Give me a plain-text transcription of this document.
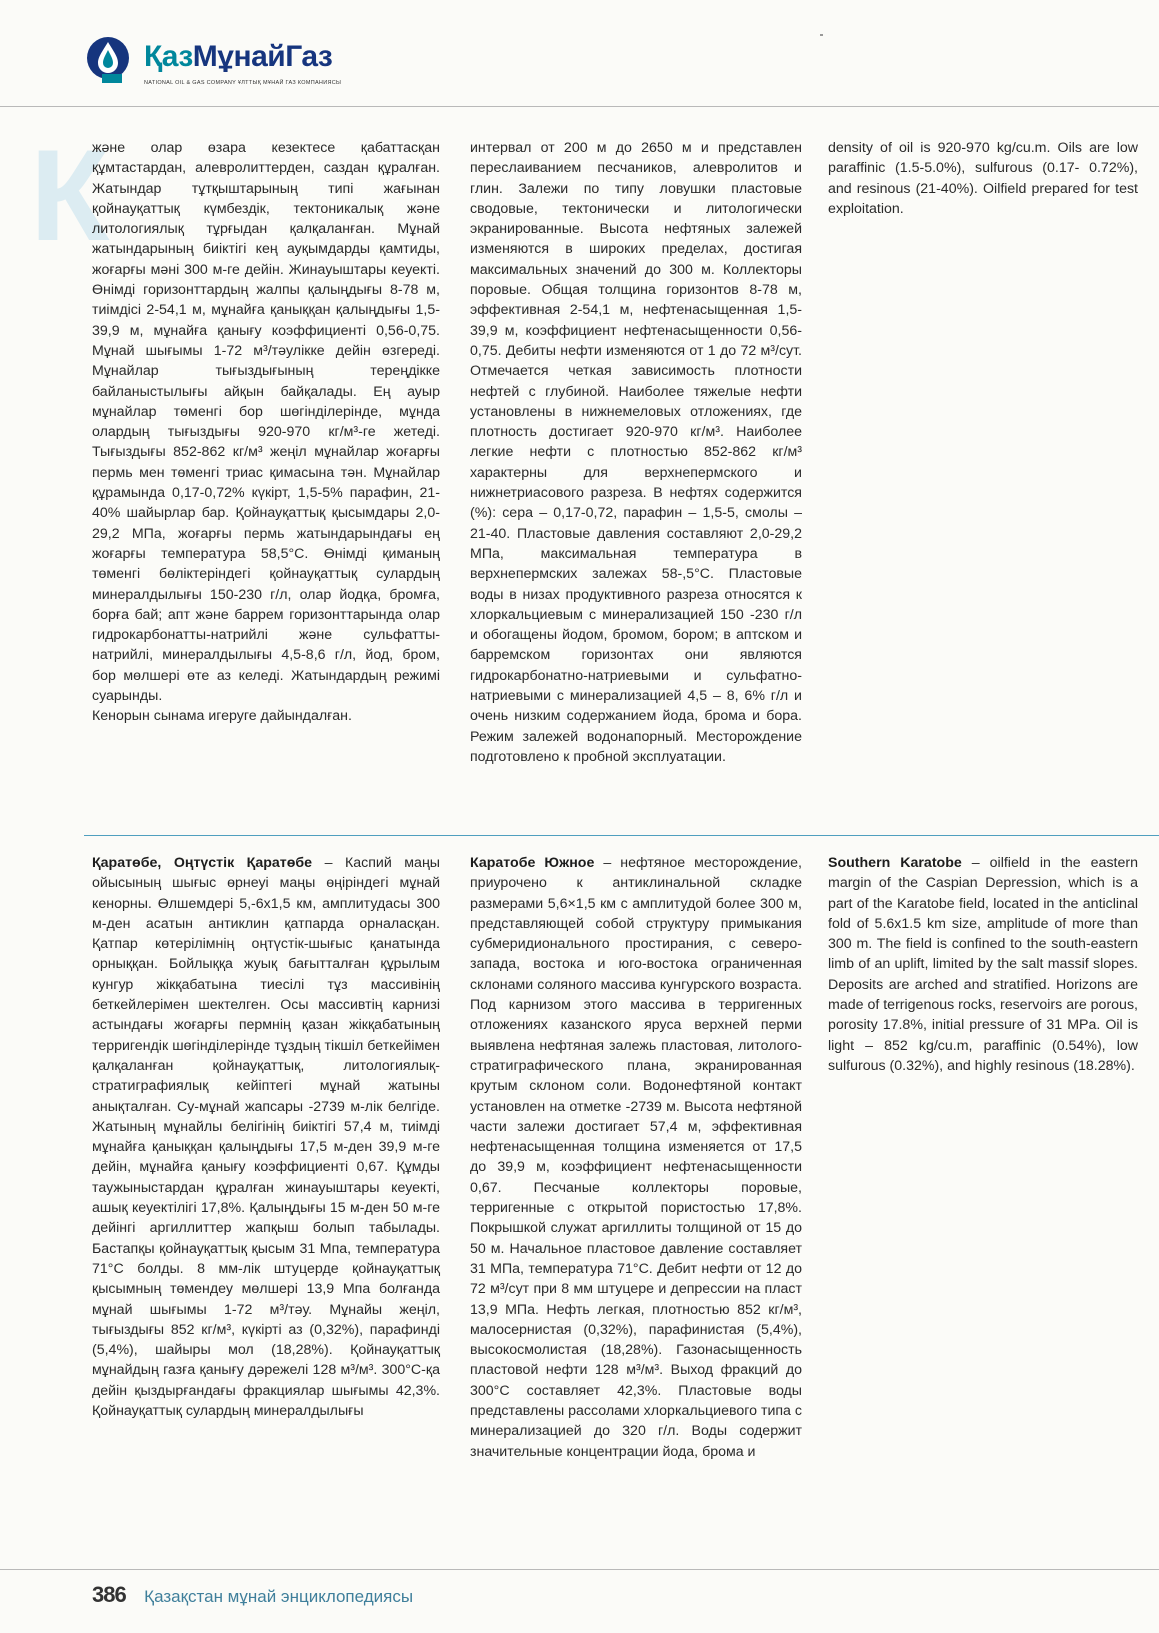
ҚазМұнайГаз
NATIONAL OIL & GAS COMPANY ҰЛТТЫҚ МҰНАЙ ГАЗ КОМПАНИЯСЫ
К

және олар өзара кезектесе қабаттасқан құмтастардан, алевролиттерден, саздан құралған. Жатындар тұтқыштарының типі жағынан қойнауқаттық күмбездік, тектоникалық және литологиялық тұрғыдан қалқаланған. Мұнай жатындарының биіктігі кең ауқымдарды қамтиды, жоғарғы мәні 300 м-ге дейін. Жинауыштары кеуекті. Өнімді горизонттардың жалпы қалыңдығы 8-78 м, тиімдісі 2-54,1 м, мұнайға қаныққан қалыңдығы 1,5-39,9 м, мұнайға қанығу коэффициенті 0,56-0,75. Мұнай шығымы 1-72 м³/тәулікке дейін өзгереді. Мұнайлар тығыздығының тереңдікке байланыстылығы айқын байқалады. Ең ауыр мұнайлар төменгі бор шөгінділерінде, мұнда олардың тығыздығы 920-970 кг/м³-ге жетеді. Тығыздығы 852-862 кг/м³ жеңіл мұнайлар жоғарғы пермь мен төменгі триас қимасына тән. Мұнайлар құрамында 0,17-0,72% күкірт, 1,5-5% парафин, 21-40% шайырлар бар. Қойнауқаттық қысымдары 2,0-29,2 МПа, жоғарғы пермь жатындарындағы ең жоғарғы температура 58,5°С. Өнімді қиманың төменгі бөліктеріндегі қойнауқаттық сулардың минералдылығы 150-230 г/л, олар йодқа, бромға, борға бай; апт және баррем горизонттарында олар гидрокарбонатты-натрийлі және сульфатты-натрийлі, минералдылығы 4,5-8,6 г/л, йод, бром, бор мөлшері өте аз келеді. Жатындардың режимі суарынды.

Кенорын сынама игеруге дайындалған.

интервал от 200 м до 2650 м и представлен переслаиванием песчаников, алевролитов и глин. Залежи по типу ловушки пластовые сводовые, тектонически и литологически экранированные. Высота нефтяных залежей изменяются в широких пределах, достигая максимальных значений до 300 м. Коллекторы поровые. Общая толщина горизонтов 8-78 м, эффективная 2-54,1 м, нефтенасыщенная 1,5-39,9 м, коэффициент нефтенасыщенности 0,56-0,75. Дебиты нефти изменяются от 1 до 72 м³/сут. Отмечается четкая зависимость плотности нефтей с глубиной. Наиболее тяжелые нефти установлены в нижнемеловых отложениях, где плотность достигает 920-970 кг/м³. Наиболее легкие нефти с плотностью 852-862 кг/м³ характерны для верхнепермского и нижнетриасового разреза. В нефтях содержится (%): сера – 0,17-0,72, парафин – 1,5-5, смолы – 21-40. Пластовые давления составляют 2,0-29,2 МПа, максимальная температура в верхнепермских залежах 58-,5°С. Пластовые воды в низах продуктивного разреза относятся к хлоркальциевым с минерализацией 150 -230 г/л и обогащены йодом, бромом, бором; в аптском и барремском горизонтах они являются гидрокарбонатно-натриевыми и сульфатно-натриевыми с минерализацией 4,5 – 8, 6% г/л и очень низким содержанием йода, брома и бора. Режим залежей водонапорный. Месторождение подготовлено к пробной эксплуатации.

density of oil is 920-970 kg/cu.m. Oils are low paraffinic (1.5-5.0%), sulfurous (0.17- 0.72%), and resinous (21-40%). Oilfield prepared for test exploitation.

Қаратөбе, Оңтүстік Қаратөбе – Каспий маңы ойысының шығыс өрнеуі маңы өңіріндегі мұнай кенорны. Өлшемдері 5,-6х1,5 км, амплитудасы 300 м-ден асатын антиклин қатпарда орналасқан. Қатпар көтерілімнің оңтүстік-шығыс қанатында орныққан. Бойлыққа жуық бағытталған құрылым кунгур жікқабатына тиесілі тұз массивінің беткейлерімен шектелген. Осы массивтің карнизі астындағы жоғарғы пермнің қазан жікқабатының терригендік шөгінділерінде тұздың тікшіл беткейімен қалқаланған қойнауқаттық, литологиялық-стратиграфиялық кейіптегі мұнай жатыны анықталған. Су-мұнай жапсары -2739 м-лік белгіде. Жатының мұнайлы белігінің биіктігі 57,4 м, тиімді мұнайға қаныққан қалыңдығы 17,5 м-ден 39,9 м-ге дейін, мұнайға қанығу коэффициенті 0,67. Құмды таужыныстардан құралған жинауыштары кеуекті, ашық кеуектілігі 17,8%. Қалыңдығы 15 м-ден 50 м-ге дейінгі аргиллиттер жапқыш болып табылады. Бастапқы қойнауқаттық қысым 31 Мпа, температура 71°С болды. 8 мм-лік штуцерде қойнауқаттық қысымның төмендеу мөлшері 13,9 Мпа болғанда мұнай шығымы 1-72 м³/тәу. Мұнайы жеңіл, тығыздығы 852 кг/м³, күкірті аз (0,32%), парафинді (5,4%), шайыры мол (18,28%). Қойнауқаттық мұнайдың газға қанығу дәрежелі 128 м³/м³. 300°С-қа дейін қыздырғандағы фракциялар шығымы 42,3%. Қойнауқаттық сулардың минералдылығы

Каратобе Южное – нефтяное месторождение, приурочено к антиклинальной складке размерами 5,6×1,5 км с амплитудой более 300 м, представляющей собой структуру примыкания субмеридионального простирания, с северо-запада, востока и юго-востока ограниченная склонами соляного массива кунгурского возраста. Под карнизом этого массива в терригенных отложениях казанского яруса верхней перми выявлена нефтяная залежь пластовая, литолого-стратиграфического плана, экранированная крутым склоном соли. Водонефтяной контакт установлен на отметке -2739 м. Высота нефтяной части залежи достигает 57,4 м, эффективная нефтенасыщенная толщина изменяется от 17,5 до 39,9 м, коэффициент нефтенасыщенности 0,67. Песчаные коллекторы поровые, терригенные с открытой пористостью 17,8%. Покрышкой служат аргиллиты толщиной от 15 до 50 м. Начальное пластовое давление составляет 31 МПа, температура 71°С. Дебит нефти от 12 до 72 м³/сут при 8 мм штуцере и депрессии на пласт 13,9 МПа. Нефть легкая, плотностью 852 кг/м³, малосернистая (0,32%), парафинистая (5,4%), высокосмолистая (18,28%). Газонасыщенность пластовой нефти 128 м³/м³. Выход фракций до 300°С составляет 42,3%. Пластовые воды представлены рассолами хлоркальциевого типа с минерализацией до 320 г/л. Воды содержит значительные концентрации йода, брома и

Southern Karatobe – oilfield in the eastern margin of the Caspian Depression, which is a part of the Karatobe field, located in the anticlinal fold of 5.6x1.5 km size, amplitude of more than 300 m. The field is confined to the south-eastern limb of an uplift, limited by the salt massif slopes. Deposits are arched and stratified. Horizons are made of terrigenous rocks, reservoirs are porous, porosity 17.8%, initial pressure of 31 MPa. Oil is light – 852 kg/cu.m, paraffinic (0.54%), low sulfurous (0.32%), and highly resinous (18.28%).

386 Қазақстан мұнай энциклопедиясы
